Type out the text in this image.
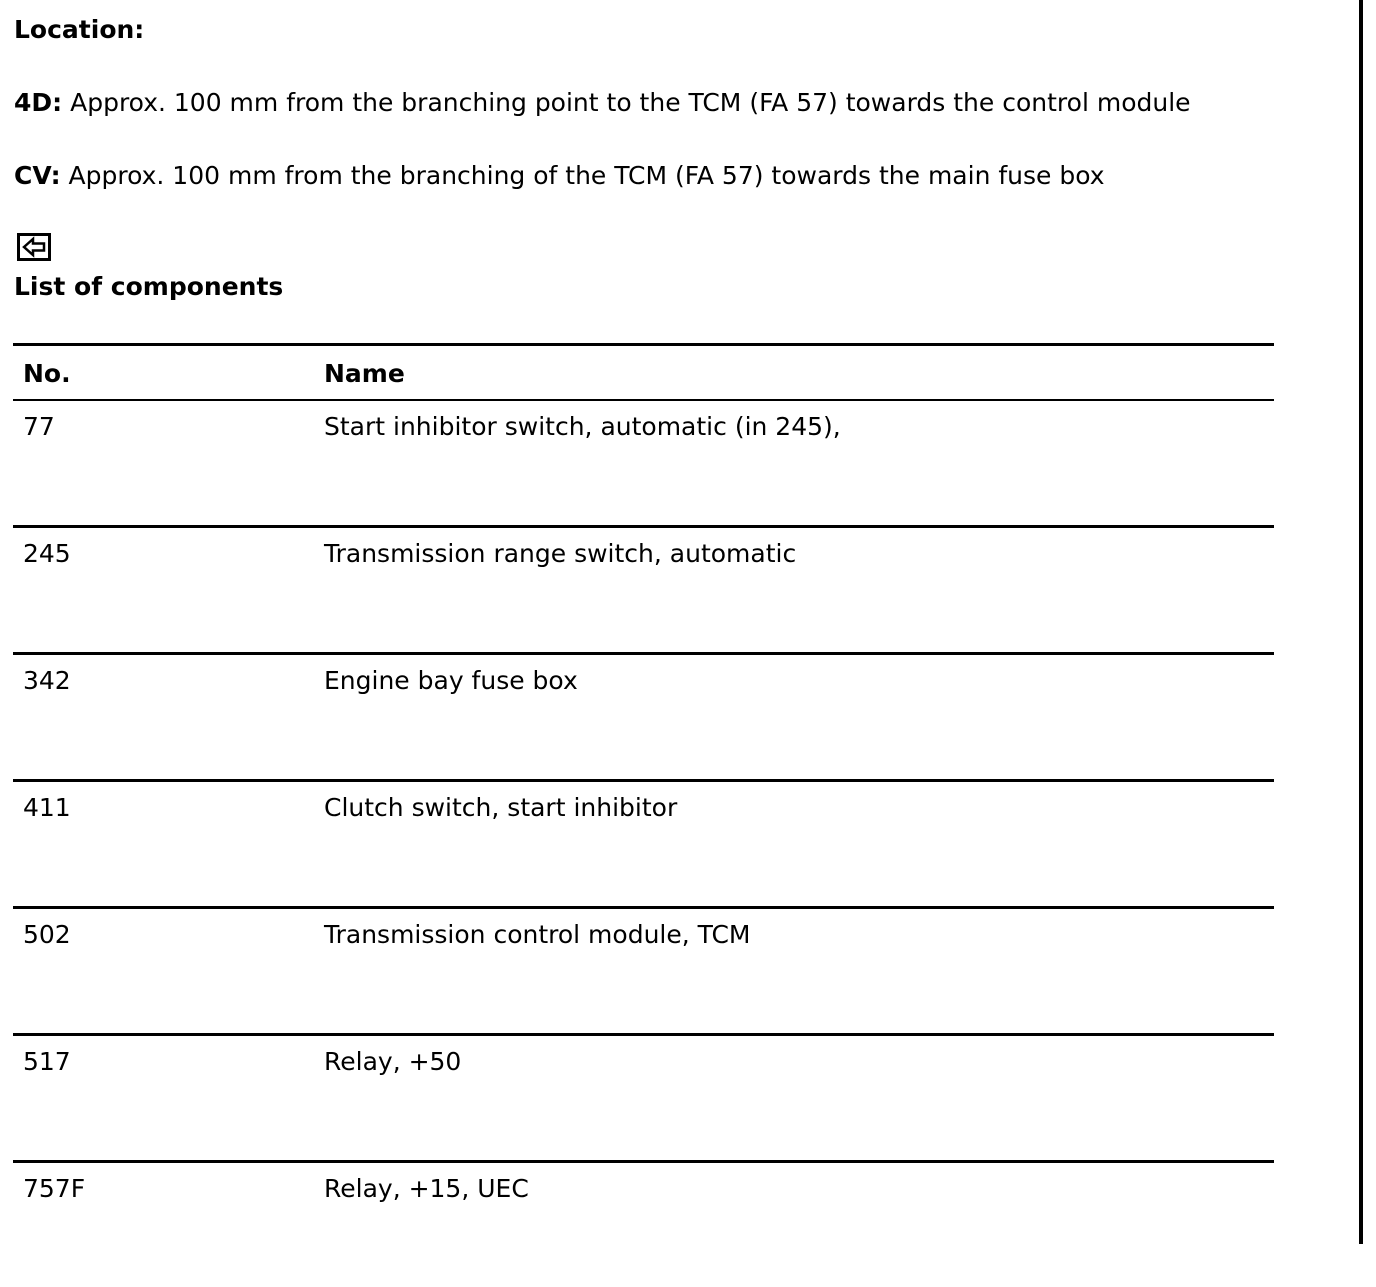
Location:
4D: Approx. 100 mm from the branching point to the TCM (FA 57) towards the control module
CV: Approx. 100 mm from the branching of the TCM (FA 57) towards the main fuse box
List of components
No.	Name
77	Start inhibitor switch, automatic (in 245),
245	Transmission range switch, automatic
342	Engine bay fuse box
411	Clutch switch, start inhibitor
502	Transmission control module, TCM
517	Relay, +50
757F	Relay, +15, UEC
